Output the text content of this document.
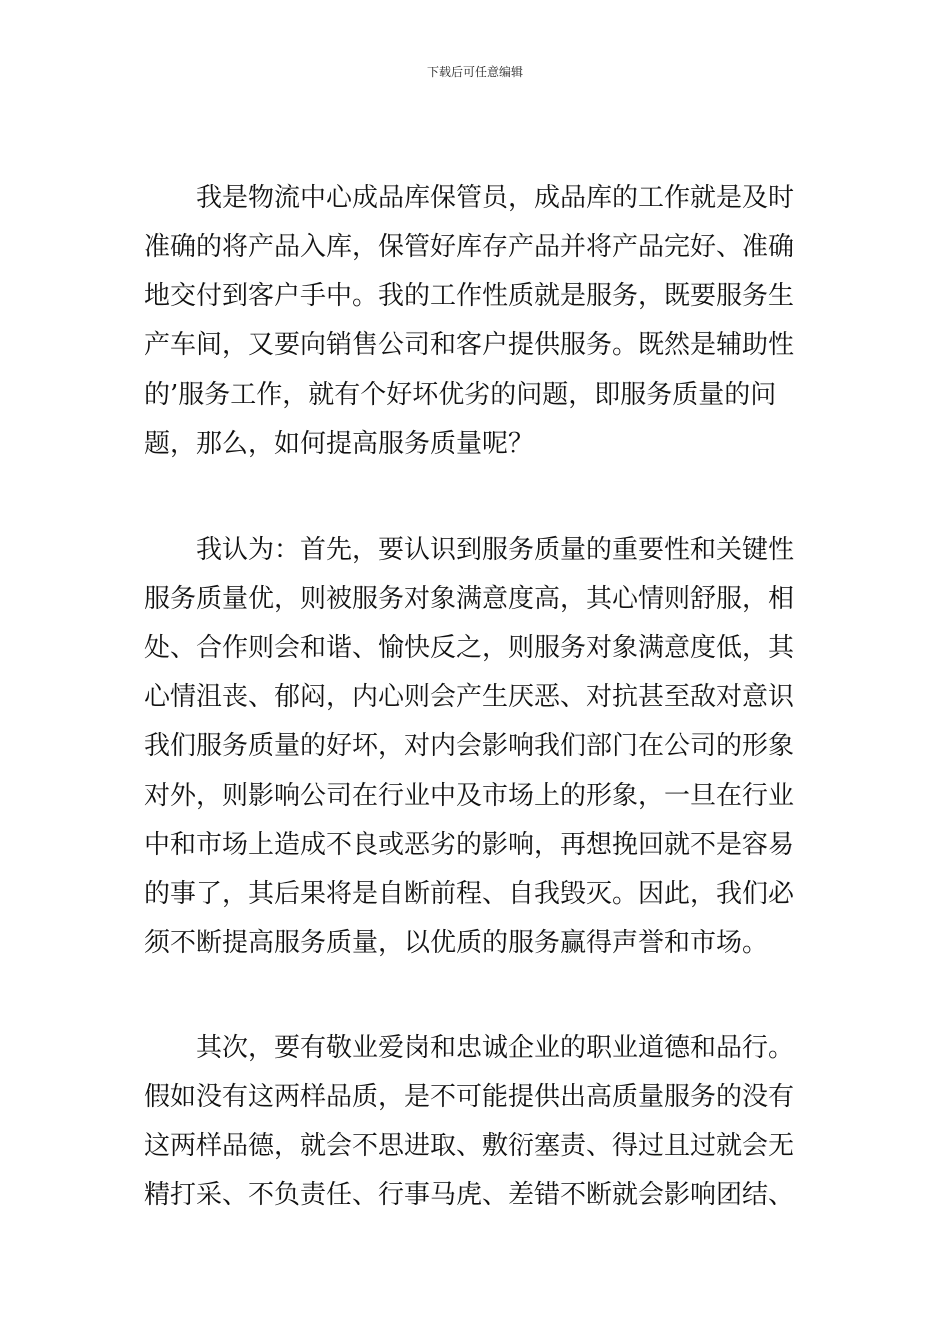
下载后可任意编辑
我是物流中心成品库保管员，成品库的工作就是及时
准确的将产品入库，保管好库存产品并将产品完好、准确
地交付到客户手中。我的工作性质就是服务，既要服务生
产车间，又要向销售公司和客户提供服务。既然是辅助性
的’服务工作，就有个好坏优劣的问题，即服务质量的问
题，那么，如何提高服务质量呢？
我认为：首先，要认识到服务质量的重要性和关键性
服务质量优，则被服务对象满意度高，其心情则舒服，相
处、合作则会和谐、愉快反之，则服务对象满意度低，其
心情沮丧、郁闷，内心则会产生厌恶、对抗甚至敌对意识
我们服务质量的好坏，对内会影响我们部门在公司的形象
对外，则影响公司在行业中及市场上的形象，一旦在行业
中和市场上造成不良或恶劣的影响，再想挽回就不是容易
的事了，其后果将是自断前程、自我毁灭。因此，我们必
须不断提高服务质量，以优质的服务赢得声誉和市场。
其次，要有敬业爱岗和忠诚企业的职业道德和品行。
假如没有这两样品质，是不可能提供出高质量服务的没有
这两样品德，就会不思进取、敷衍塞责、得过且过就会无
精打采、不负责任、行事马虎、差错不断就会影响团结、
